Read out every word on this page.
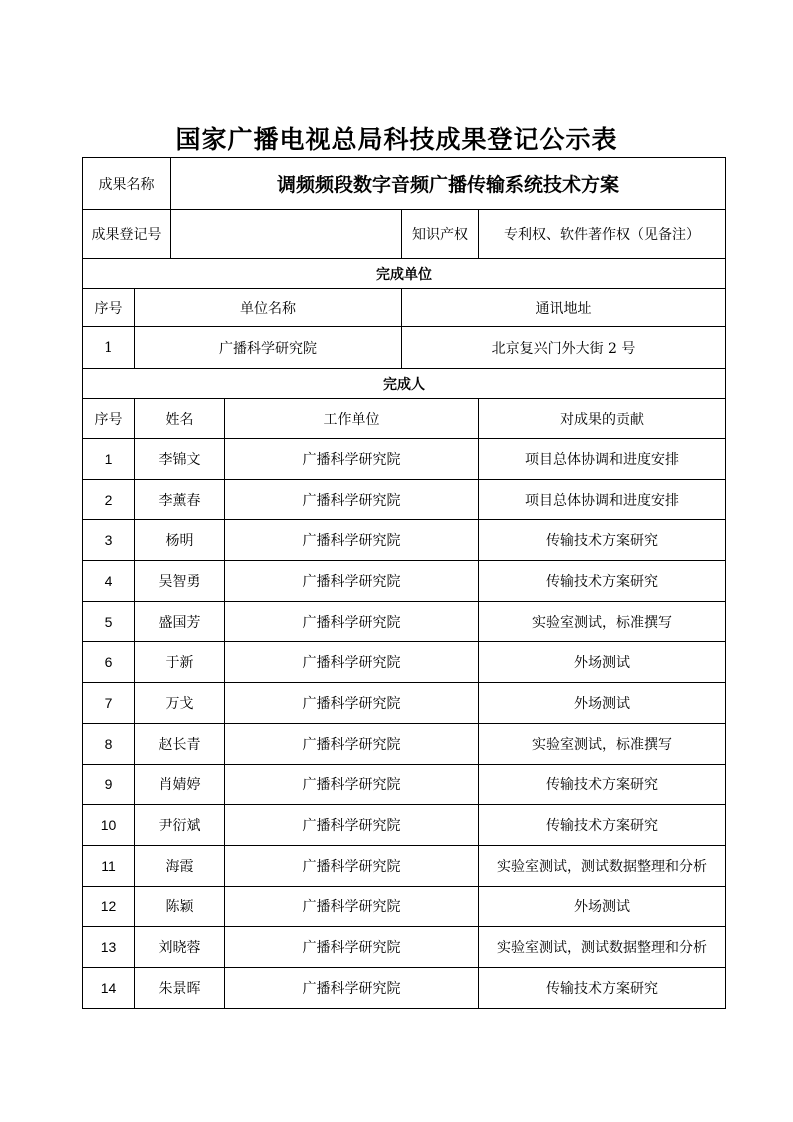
国家广播电视总局科技成果登记公示表
成果名称		调频频段数字音频广播传输系统技术方案			
成果登记号				知识产权	专利权、软件著作权（见备注）
完成单位					
序号	单位名称			通讯地址	
1	广播科学研究院			北京复兴门外大街 2 号	
完成人					
序号	姓名		工作单位		对成果的贡献
1	李锦文		广播科学研究院		项目总体协调和进度安排
2	李薰春		广播科学研究院		项目总体协调和进度安排
3	杨明		广播科学研究院		传输技术方案研究
4	吴智勇		广播科学研究院		传输技术方案研究
5	盛国芳		广播科学研究院		实验室测试，标准撰写
6	于新		广播科学研究院		外场测试
7	万戈		广播科学研究院		外场测试
8	赵长青		广播科学研究院		实验室测试，标准撰写
9	肖婧婷		广播科学研究院		传输技术方案研究
10	尹衍斌		广播科学研究院		传输技术方案研究
11	海霞		广播科学研究院		实验室测试，测试数据整理和分析
12	陈颖		广播科学研究院		外场测试
13	刘晓蓉		广播科学研究院		实验室测试，测试数据整理和分析
14	朱景晖		广播科学研究院		传输技术方案研究
